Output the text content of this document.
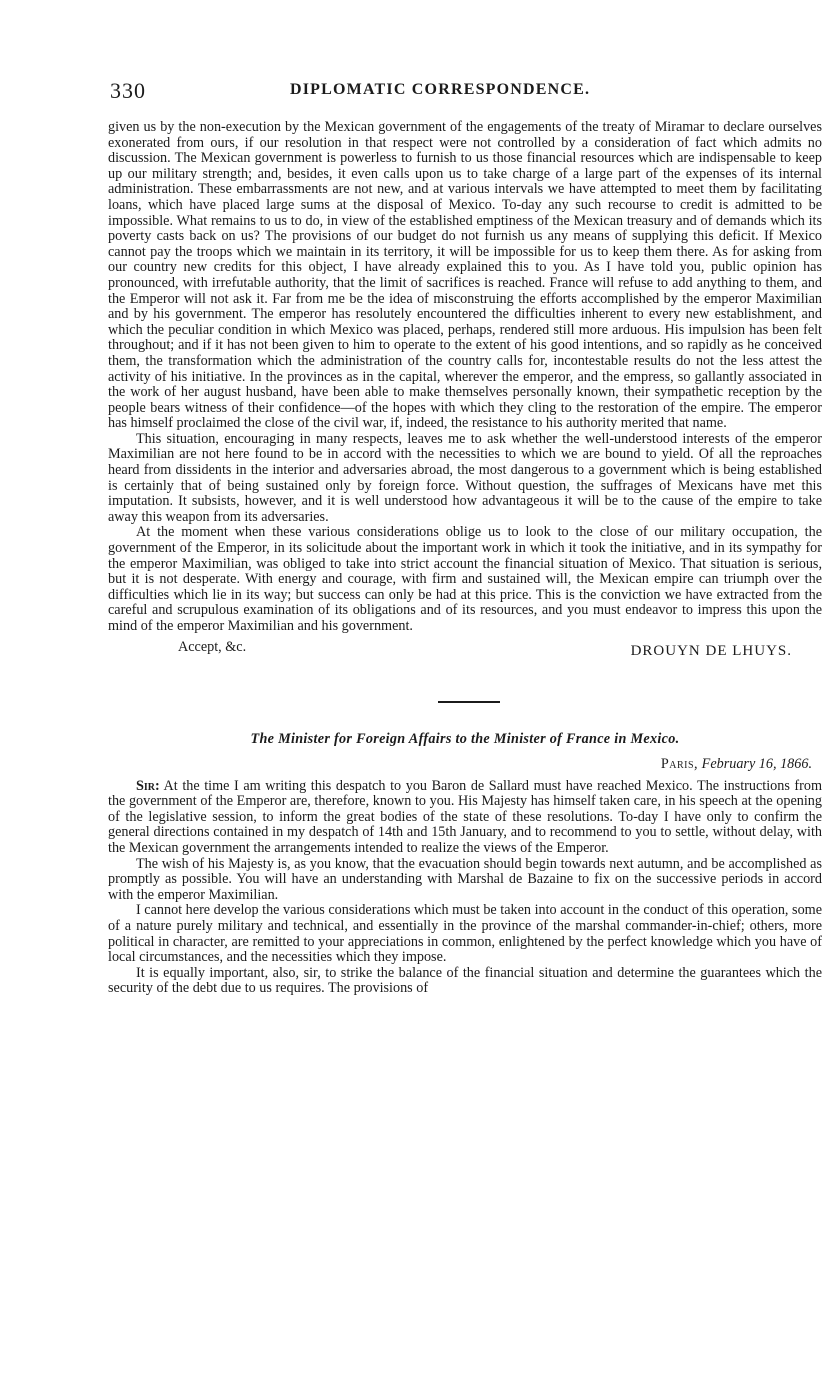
330	DIPLOMATIC CORRESPONDENCE.

given us by the non-execution by the Mexican government of the engagements of the treaty of Miramar to declare ourselves exonerated from ours, if our resolution in that respect were not controlled by a consideration of fact which admits no discussion. The Mexican government is powerless to furnish to us those financial resources which are indispensable to keep up our military strength; and, besides, it even calls upon us to take charge of a large part of the expenses of its internal administration. These embarrassments are not new, and at various intervals we have attempted to meet them by facilitating loans, which have placed large sums at the disposal of Mexico. To-day any such recourse to credit is admitted to be impossible. What remains to us to do, in view of the established emptiness of the Mexican treasury and of demands which its poverty casts back on us? The provisions of our budget do not furnish us any means of supplying this deficit. If Mexico cannot pay the troops which we maintain in its territory, it will be impossible for us to keep them there. As for asking from our country new credits for this object, I have already explained this to you. As I have told you, public opinion has pronounced, with irrefutable authority, that the limit of sacrifices is reached. France will refuse to add anything to them, and the Emperor will not ask it. Far from me be the idea of misconstruing the efforts accomplished by the emperor Maximilian and by his government. The emperor has resolutely encountered the difficulties inherent to every new establishment, and which the peculiar condition in which Mexico was placed, perhaps, rendered still more arduous. His impulsion has been felt throughout; and if it has not been given to him to operate to the extent of his good intentions, and so rapidly as he conceived them, the transformation which the administration of the country calls for, incontestable results do not the less attest the activity of his initiative. In the provinces as in the capital, wherever the emperor, and the empress, so gallantly associated in the work of her august husband, have been able to make themselves personally known, their sympathetic reception by the people bears witness of their confidence—of the hopes with which they cling to the restoration of the empire. The emperor has himself proclaimed the close of the civil war, if, indeed, the resistance to his authority merited that name.

This situation, encouraging in many respects, leaves me to ask whether the well-understood interests of the emperor Maximilian are not here found to be in accord with the necessities to which we are bound to yield. Of all the reproaches heard from dissidents in the interior and adversaries abroad, the most dangerous to a government which is being established is certainly that of being sustained only by foreign force. Without question, the suffrages of Mexicans have met this imputation. It subsists, however, and it is well understood how advantageous it will be to the cause of the empire to take away this weapon from its adversaries.

At the moment when these various considerations oblige us to look to the close of our military occupation, the government of the Emperor, in its solicitude about the important work in which it took the initiative, and in its sympathy for the emperor Maximilian, was obliged to take into strict account the financial situation of Mexico. That situation is serious, but it is not desperate. With energy and courage, with firm and sustained will, the Mexican empire can triumph over the difficulties which lie in its way; but success can only be had at this price. This is the conviction we have extracted from the careful and scrupulous examination of its obligations and of its resources, and you must endeavor to impress this upon the mind of the emperor Maximilian and his government.

Accept, &c.	DROUYN DE LHUYS.
The Minister for Foreign Affairs to the Minister of France in Mexico.
Paris, February 16, 1866.

Sir: At the time I am writing this despatch to you Baron de Sallard must have reached Mexico. The instructions from the government of the Emperor are, therefore, known to you. His Majesty has himself taken care, in his speech at the opening of the legislative session, to inform the great bodies of the state of these resolutions. To-day I have only to confirm the general directions contained in my despatch of 14th and 15th January, and to recommend to you to settle, without delay, with the Mexican government the arrangements intended to realize the views of the Emperor.

The wish of his Majesty is, as you know, that the evacuation should begin towards next autumn, and be accomplished as promptly as possible. You will have an understanding with Marshal de Bazaine to fix on the successive periods in accord with the emperor Maximilian.

I cannot here develop the various considerations which must be taken into account in the conduct of this operation, some of a nature purely military and technical, and essentially in the province of the marshal commander-in-chief; others, more political in character, are remitted to your appreciations in common, enlightened by the perfect knowledge which you have of local circumstances, and the necessities which they impose.

It is equally important, also, sir, to strike the balance of the financial situation and determine the guarantees which the security of the debt due to us requires. The provisions of
